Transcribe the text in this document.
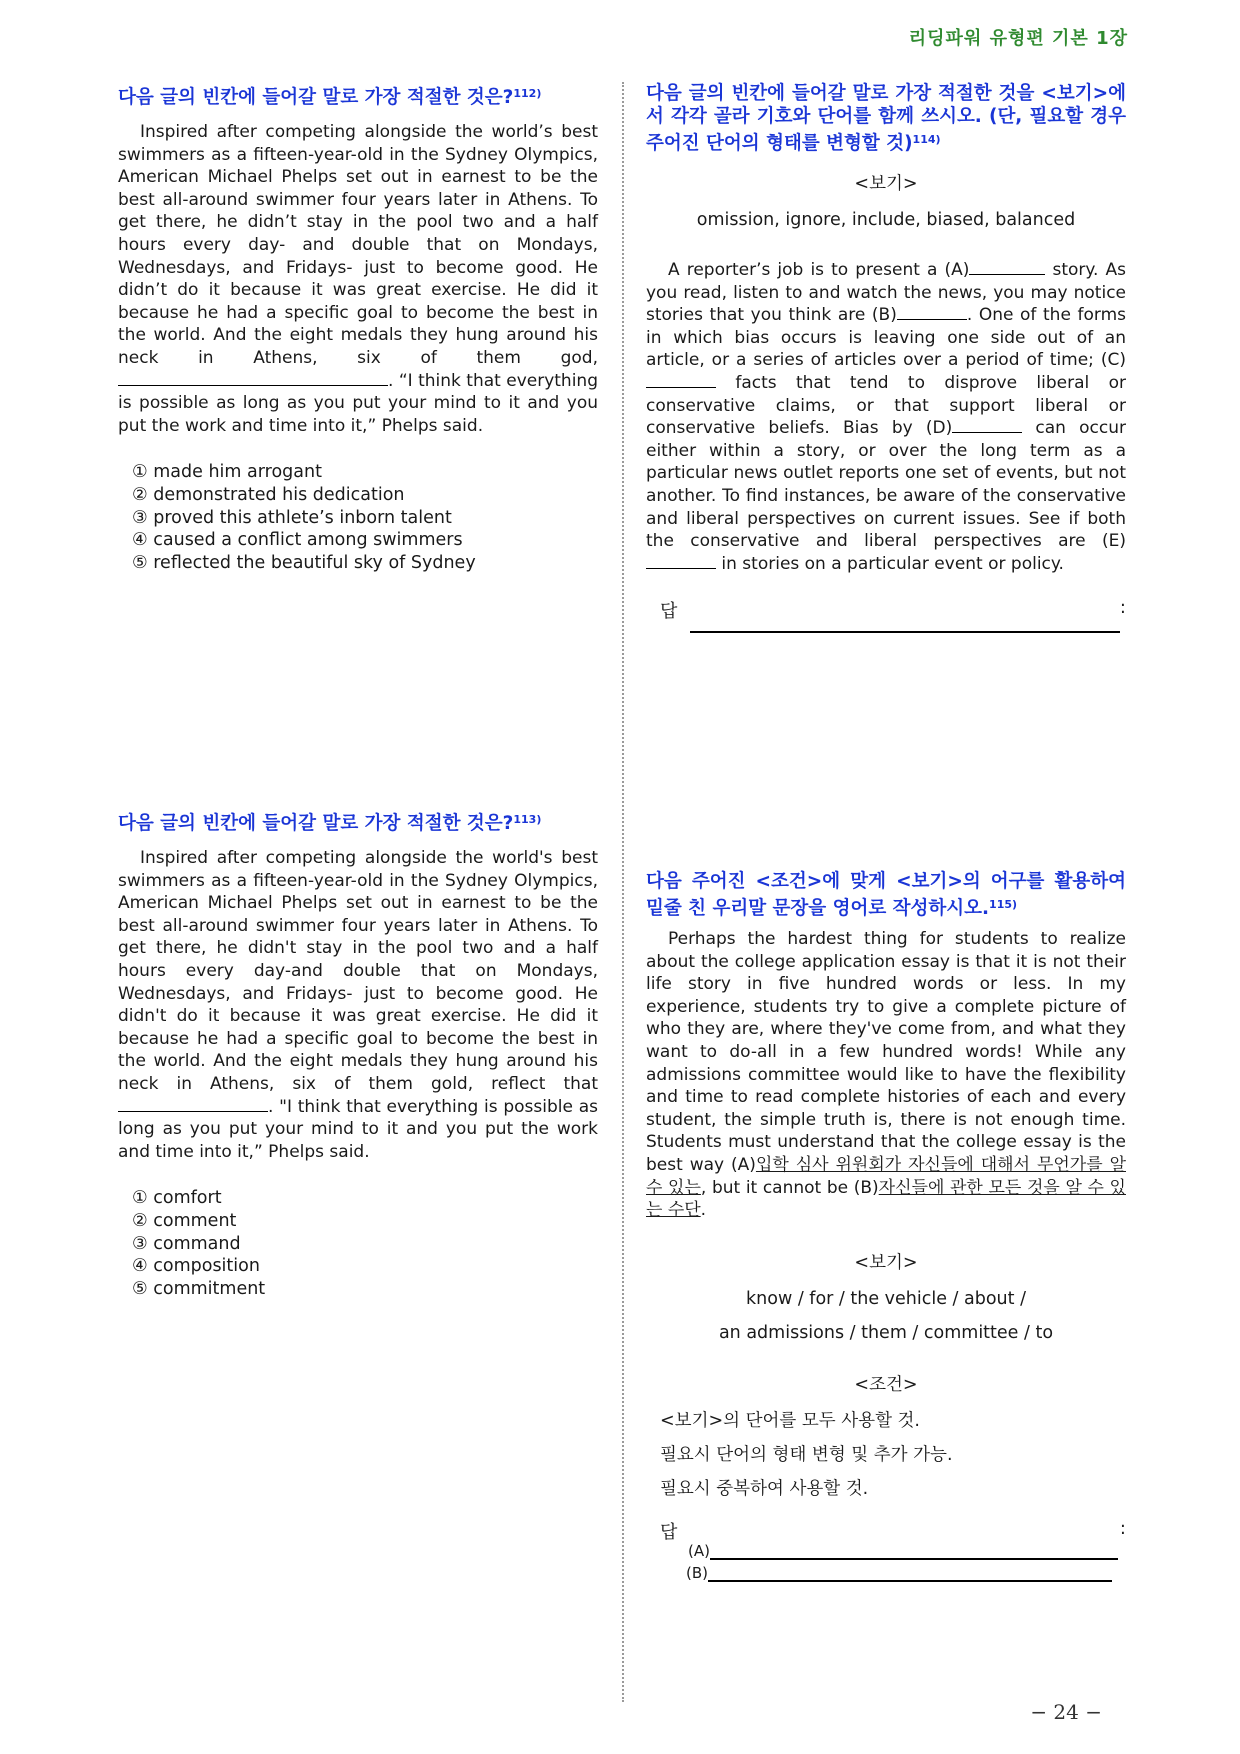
리딩파워 유형편 기본 1장

다음 글의 빈칸에 들어갈 말로 가장 적절한 것은?$^{112)}$

Inspired after competing alongside the world’s best swimmers as a fifteen-year-old in the Sydney Olympics, American Michael Phelps set out in earnest to be the best all-around swimmer four years later in Athens. To get there, he didn’t stay in the pool two and a half hours every day- and double that on Mondays, Wednesdays, and Fridays- just to become good. He didn’t do it because it was great exercise. He did it because he had a specific goal to become the best in the world. And the eight medals they hung around his neck in Athens, six of them god,. “I think that everything is possible as long as you put your mind to it and you put the work and time into it,” Phelps said.

① made him arrogant
② demonstrated his dedication
③ proved this athlete’s inborn talent
④ caused a conflict among swimmers
⑤ reflected the beautiful sky of Sydney

다음 글의 빈칸에 들어갈 말로 가장 적절한 것은?$^{113)}$

Inspired after competing alongside the world's best swimmers as a fifteen-year-old in the Sydney Olympics, American Michael Phelps set out in earnest to be the best all-around swimmer four years later in Athens. To get there, he didn't stay in the pool two and a half hours every day-and double that on Mondays, Wednesdays, and Fridays- just to become good. He didn't do it because it was great exercise. He did it because he had a specific goal to become the best in the world. And the eight medals they hung around his neck in Athens, six of them gold, reflect that . "I think that everything is possible as long as you put your mind to it and you put the work and time into it,” Phelps said.

① comfort
② comment
③ command
④ composition
⑤ commitment

다음 글의 빈칸에 들어갈 말로 가장 적절한 것을 <보기>에서 각각 골라 기호와 단어를 함께 쓰시오. (단, 필요할 경우 주어진 단어의 형태를 변형할 것)$^{114)}$

<보기>
omission, ignore, include, biased, balanced

A reporter’s job is to present a (A)	story. As you read, listen to and watch the news, you may notice stories that you think are (B)	. One of the forms in which bias occurs is leaving one side out of an article, or a series of articles over a period of time; (C) facts that tend to disprove liberal or conservative claims, or that support liberal or conservative beliefs. Bias by (D)	can occur either within a story, or over the long term as a particular news outlet reports one set of events, but not another. To find instances, be aware of the conservative and liberal perspectives on current issues. See if both the conservative and liberal perspectives are (E) in stories on a particular event or policy.

답	:

다음 주어진 <조건>에 맞게 <보기>의 어구를 활용하여 밑줄 친 우리말 문장을 영어로 작성하시오.$^{115)}$

Perhaps the hardest thing for students to realize about the college application essay is that it is not their life story in five hundred words or less. In my experience, students try to give a complete picture of who they are, where they've come from, and what they want to do-all in a few hundred words! While any admissions committee would like to have the flexibility and time to read complete histories of each and every student, the simple truth is, there is not enough time. Students must understand that the college essay is the best way (A)입학 심사 위원회가 자신들에 대해서 무언가를 알 수 있는, but it cannot be (B)자신들에 관한 모든 것을 알 수 있는 수단.

<보기>
know / for / the vehicle / about /
an admissions / them / committee / to
<조건>
<보기>의 단어를 모두 사용할 것.
필요시 단어의 형태 변형 및 추가 가능.
필요시 중복하여 사용할 것.
답	:
(A)
(B)
− 24 −
